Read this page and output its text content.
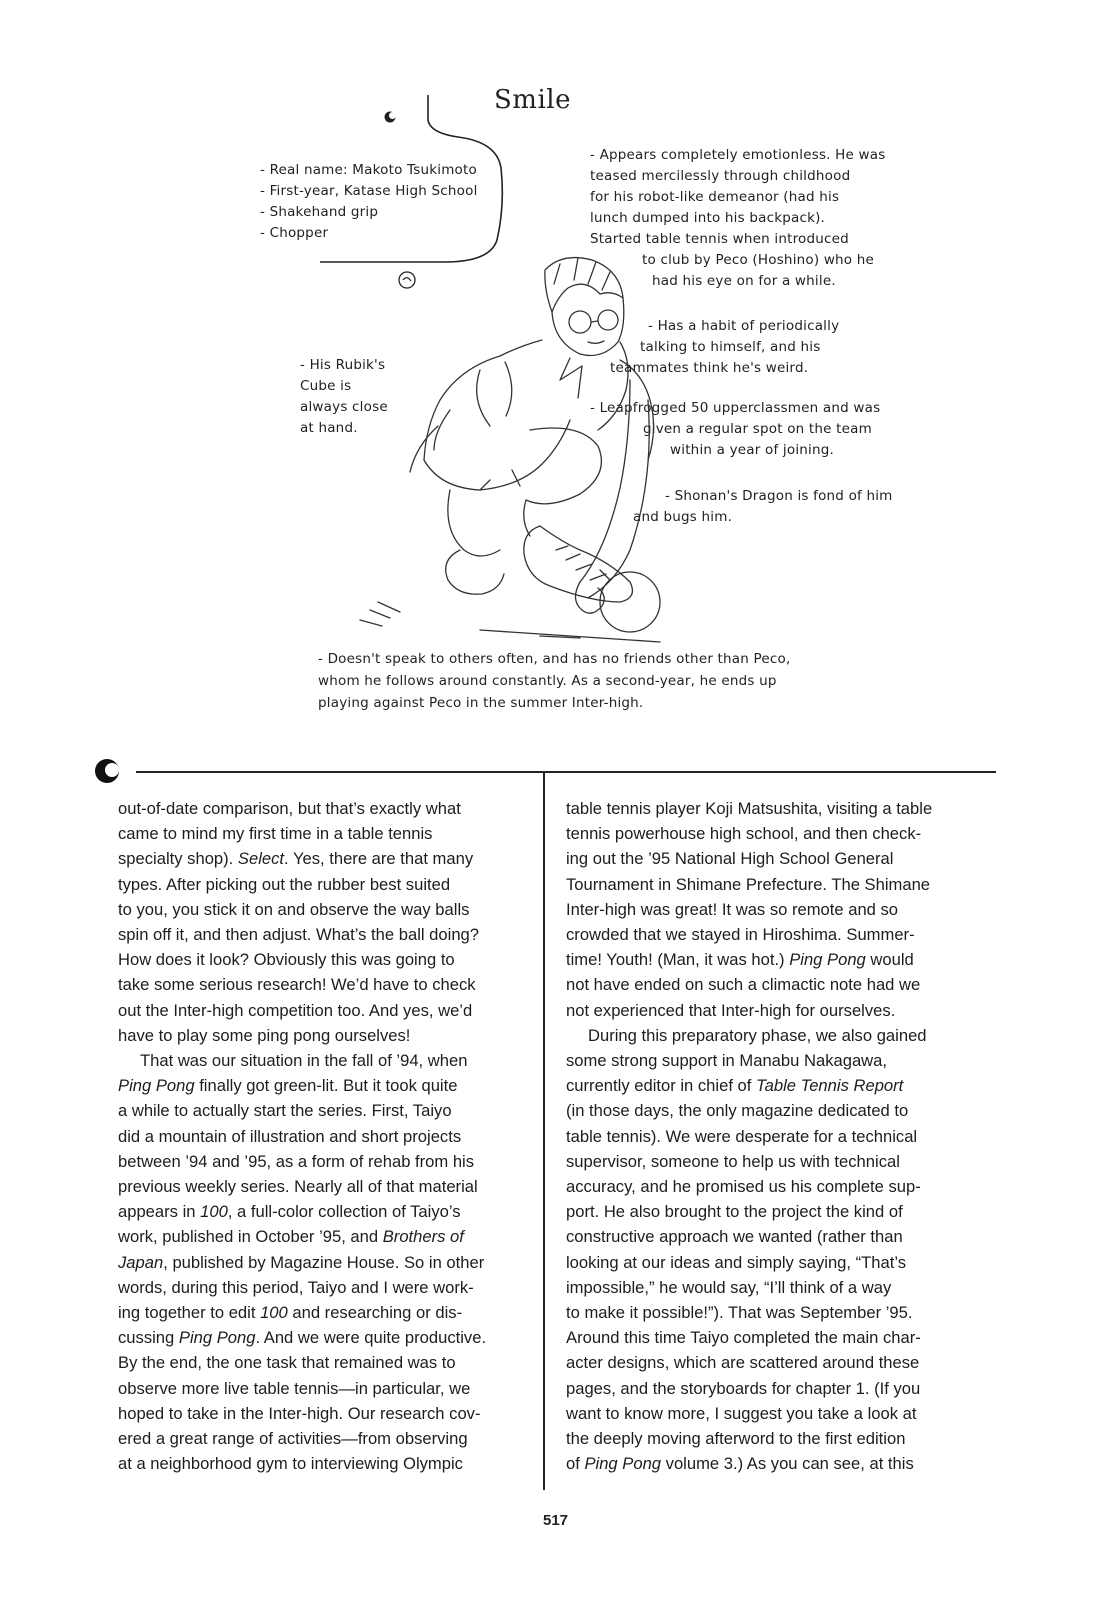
Smile
- Real name: Makoto Tsukimoto
- First-year, Katase High School
- Shakehand grip
- Chopper
- Appears completely emotionless. He was
teased mercilessly through childhood
for his robot-like demeanor (had his
lunch dumped into his backpack).
Started table tennis when introduced
to club by Peco (Hoshino) who he
had his eye on for a while.
- Has a habit of periodically
talking to himself, and his
teammates think he's weird.
- His Rubik's
Cube is
always close
at hand.
- Leapfrogged 50 upperclassmen and was
given a regular spot on the team
within a year of joining.
- Shonan's Dragon is fond of him
and bugs him.
- Doesn't speak to others often, and has no friends other than Peco,
whom he follows around constantly. As a second-year, he ends up
playing against Peco in the summer Inter-high.

out-of-date comparison, but that’s exactly what
came to mind my first time in a table tennis
specialty shop). Select. Yes, there are that many
types. After picking out the rubber best suited
to you, you stick it on and observe the way balls
spin off it, and then adjust. What’s the ball doing?
How does it look? Obviously this was going to
take some serious research! We’d have to check
out the Inter-high competition too. And yes, we’d
have to play some ping pong ourselves!

That was our situation in the fall of ’94, when
Ping Pong finally got green-lit. But it took quite
a while to actually start the series. First, Taiyo
did a mountain of illustration and short projects
between ’94 and ’95, as a form of rehab from his
previous weekly series. Nearly all of that material
appears in 100, a full-color collection of Taiyo’s
work, published in October ’95, and Brothers of
Japan, published by Magazine House. So in other
words, during this period, Taiyo and I were work-
ing together to edit 100 and researching or dis-
cussing Ping Pong. And we were quite productive.
By the end, the one task that remained was to
observe more live table tennis—in particular, we
hoped to take in the Inter-high. Our research cov-
ered a great range of activities—from observing
at a neighborhood gym to interviewing Olympic

table tennis player Koji Matsushita, visiting a table
tennis powerhouse high school, and then check-
ing out the ’95 National High School General
Tournament in Shimane Prefecture. The Shimane
Inter-high was great! It was so remote and so
crowded that we stayed in Hiroshima. Summer-
time! Youth! (Man, it was hot.) Ping Pong would
not have ended on such a climactic note had we
not experienced that Inter-high for ourselves.

During this preparatory phase, we also gained
some strong support in Manabu Nakagawa,
currently editor in chief of Table Tennis Report
(in those days, the only magazine dedicated to
table tennis). We were desperate for a technical
supervisor, someone to help us with technical
accuracy, and he promised us his complete sup-
port. He also brought to the project the kind of
constructive approach we wanted (rather than
looking at our ideas and simply saying, “That’s
impossible,” he would say, “I’ll think of a way
to make it possible!”). That was September ’95.
Around this time Taiyo completed the main char-
acter designs, which are scattered around these
pages, and the storyboards for chapter 1. (If you
want to know more, I suggest you take a look at
the deeply moving afterword to the first edition
of Ping Pong volume 3.) As you can see, at this

517
